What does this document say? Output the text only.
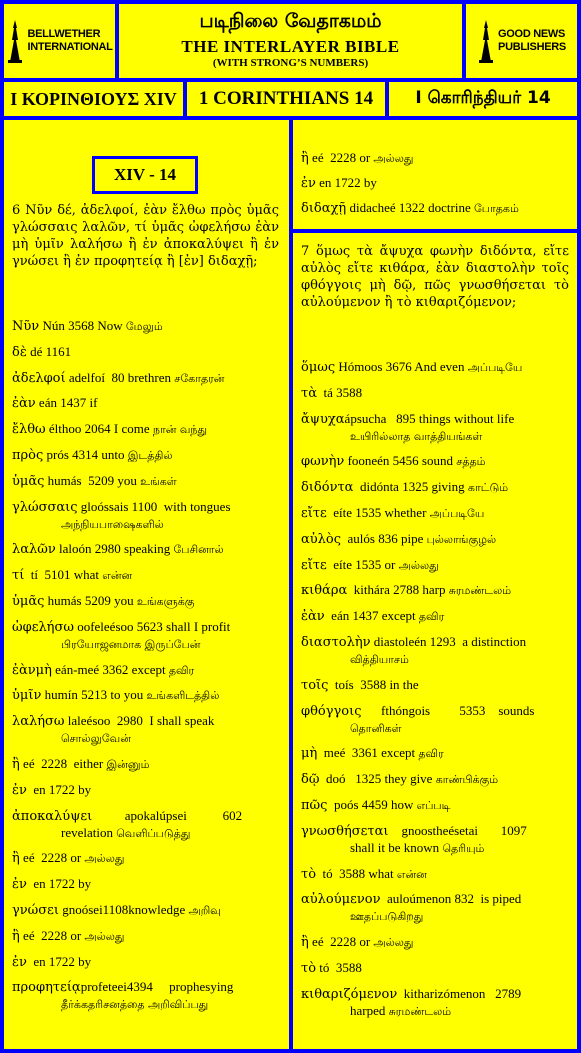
BELLWETHER
INTERNATIONAL
படிநிலை வேதாகமம்
THE INTERLAYER BIBLE
(WITH STRONG’S NUMBERS)
GOOD NEWS
PUBLISHERS
Ι ΚΟΡΙΝΘΙΟΥΣ XIV	1 CORINTHIANS 14	I கொரிந்தியர் 14
XIV - 14
6 Νῦν δέ, ἀδελφοί, ἐὰν ἔλθω πρὸς ὑμᾶς γλώσσαις λαλῶν, τί ὑμᾶς ὠφελήσω ἐὰν μὴ ὑμῖν λαλήσω ἢ ἐν ἀποκαλύψει ἢ ἐν γνώσει ἢ ἐν προφητείᾳ ἢ [ἐν] διδαχῇ;
Νῦν Nún 3568 Now மேலும்
δὲ dé 1161
ἀδελφοί adelfoí  80 brethren சகோதரன்
ἐὰν eán 1437 if
ἔλθω élthoo 2064 I come நான் வந்து
πρὸς prós 4314 unto இடத்தில்
ὑμᾶς humás  5209 you உங்கள்
γλώσσαις gloóssais 1100  with tongues
அந்நியபாஷைகளில்
λαλῶν laloón 2980 speaking பேசினால்
τί  tí  5101 what என்ன
ὑμᾶς humás 5209 you உங்களுக்கு
ὠφελήσω oofeleésoo 5623 shall I profit
பிரயோஜனமாக இருப்பேன்
ἐὰνμὴ eán-meé 3362 except தவிர
ὑμῖν humín 5213 to you உங்களிடத்தில்
λαλήσω laleésoo  2980  I shall speak
சொல்லுவேன்
ἢ eé  2228  either இன்னும்
ἐν  en 1722 by
ἀποκαλύψει          apokalúpsei           602
revelation வெளிப்படுத்து
ἢ eé  2228 or அல்லது
ἐν  en 1722 by
γνώσει gnoósei1108knowledge அறிவு
ἢ eé  2228 or அல்லது
ἐν  en 1722 by
προφητείᾳprofeteei4394     prophesying
தீர்க்கதரிசனத்தை அறிவிப்பது
ἢ eé  2228 or அல்லது
ἐν en 1722 by
διδαχῇ didacheé 1322 doctrine போதகம்
7 ὅμως τὰ ἄψυχα φωνὴν διδόντα, εἴτε αὐλὸς εἴτε κιθάρα, ἐὰν διαστολὴν τοῖς φθόγγοις μὴ δῷ, πῶς γνωσθήσεται τὸ αὐλούμενον ἢ τὸ κιθαριζόμενον;
ὅμως Hómoos 3676 And even அப்படியே
τὰ  tá 3588
ἄψυχαápsucha   895 things without life
உயிரில்லாத வாத்தியங்கள்
φωνὴν fooneén 5456 sound சத்தம்
διδόντα  didónta 1325 giving காட்டும்
εἴτε  eíte 1535 whether அப்படியே
αὐλὸς  aulós 836 pipe புல்லாங்குழல்
εἴτε  eíte 1535 or அல்லது
κιθάρα  kithára 2788 harp சுரமண்டலம்
ἐὰν  eán 1437 except தவிர
διαστολὴν diastoleén 1293  a distinction
வித்தியாசம்
τοῖς  toís  3588 in the
φθόγγοις      fthóngois         5353    sounds
தொனிகள்
μὴ  meé  3361 except தவிர
δῷ  doó   1325 they give காண்பிக்கும்
πῶς  poós 4459 how எப்படி
γνωσθήσεται    gnoostheésetai       1097
shall it be known தெரியும்
τὸ  tó  3588 what என்ன
αὐλούμενον  auloúmenon 832  is piped
ஊதப்படுகிறது
ἢ eé  2228 or அல்லது
τὸ tó  3588
κιθαριζόμενον  kitharizómenon   2789
harped சுரமண்டலம்
